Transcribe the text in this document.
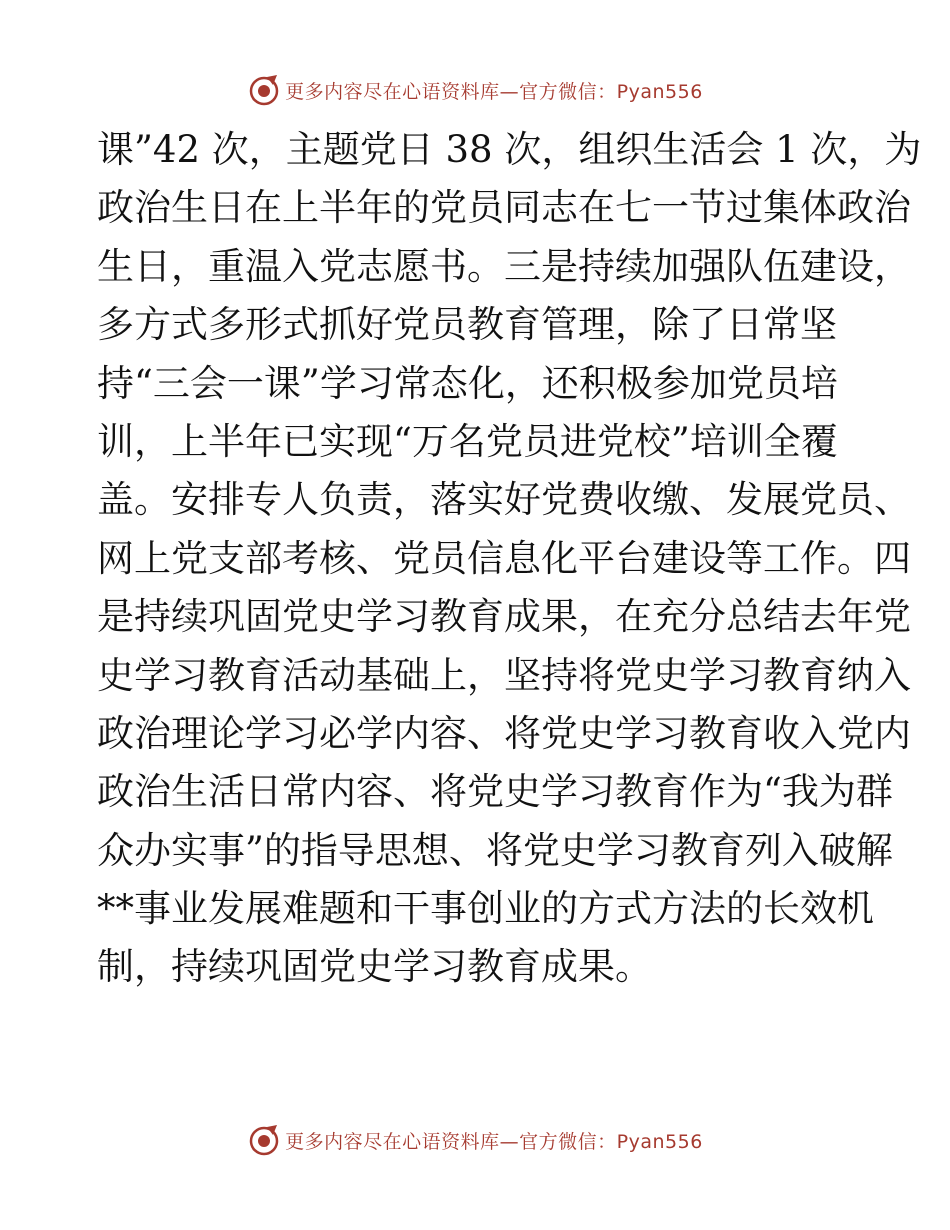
更多内容尽在心语资料库—官方微信：Pyan556
课”42 次，主题党日 38 次，组织生活会 1 次，为
政治生日在上半年的党员同志在七一节过集体政治
生日，重温入党志愿书。三是持续加强队伍建设，
多方式多形式抓好党员教育管理，除了日常坚
持“三会一课”学习常态化，还积极参加党员培
训，上半年已实现“万名党员进党校”培训全覆
盖。安排专人负责，落实好党费收缴、发展党员、
网上党支部考核、党员信息化平台建设等工作。四
是持续巩固党史学习教育成果，在充分总结去年党
史学习教育活动基础上，坚持将党史学习教育纳入
政治理论学习必学内容、将党史学习教育收入党内
政治生活日常内容、将党史学习教育作为“我为群
众办实事”的指导思想、将党史学习教育列入破解
**事业发展难题和干事创业的方式方法的长效机
制，持续巩固党史学习教育成果。
更多内容尽在心语资料库—官方微信：Pyan556
